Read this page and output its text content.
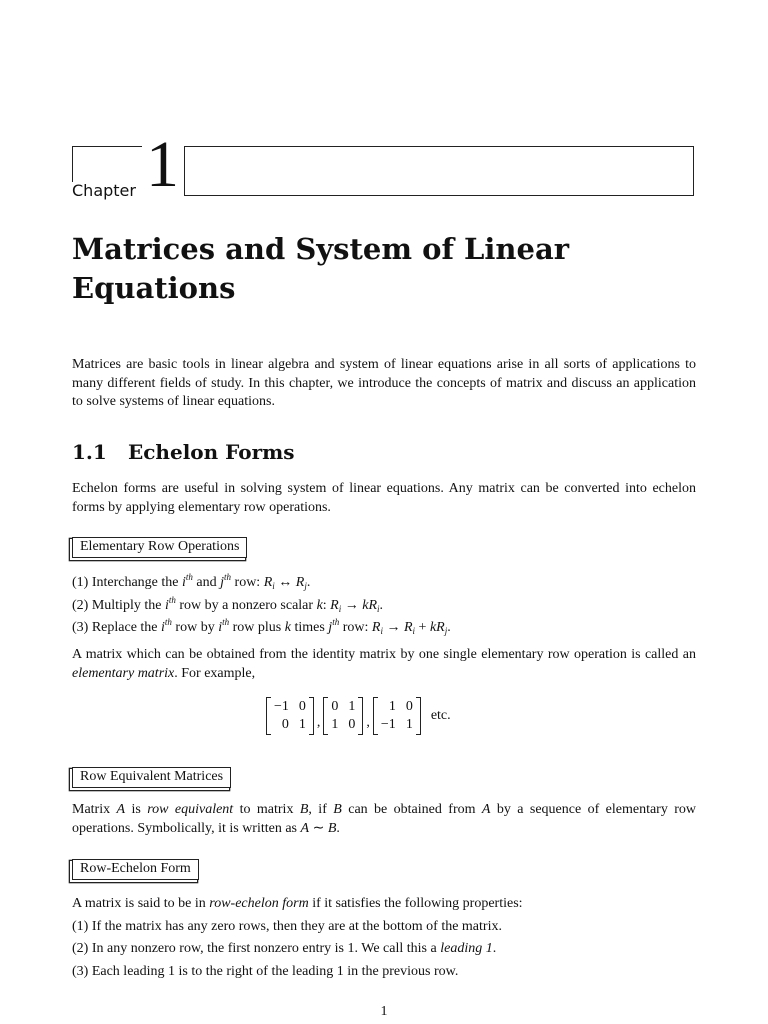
Chapter 1
Matrices and System of Linear
Equations
Matrices are basic tools in linear algebra and system of linear equations arise in all sorts of applications to many different fields of study. In this chapter, we introduce the concepts of matrix and discuss an application to solve systems of linear equations.
1.1 Echelon Forms
Echelon forms are useful in solving system of linear equations. Any matrix can be converted into echelon forms by applying elementary row operations.
Elementary Row Operations
(1) Interchange the $i^{th}$ and $j^{th}$ row: $R_i$ ↔ $R_j$.
(2) Multiply the $i^{th}$ row by a nonzero scalar k: $R_i \to kR_i$.
(3) Replace the $i^{th}$ row by $i^{th}$ row plus k times $j^{th}$ row: $R_i \to R_i + kR_j$.
A matrix which can be obtained from the identity matrix by one single elementary row operation is called an elementary matrix. For example,
−1 0
0 1 ,
0 1
1 0 ,
1 0
−1 1
etc.
Row Equivalent Matrices
Matrix A is row equivalent to matrix B, if B can be obtained from A by a sequence of elementary row operations. Symbolically, it is written as A ∼ B.
Row-Echelon Form
A matrix is said to be in row-echelon form if it satisfies the following properties:
(1) If the matrix has any zero rows, then they are at the bottom of the matrix.
(2) In any nonzero row, the first nonzero entry is 1. We call this a leading 1.
(3) Each leading 1 is to the right of the leading 1 in the previous row.
1
